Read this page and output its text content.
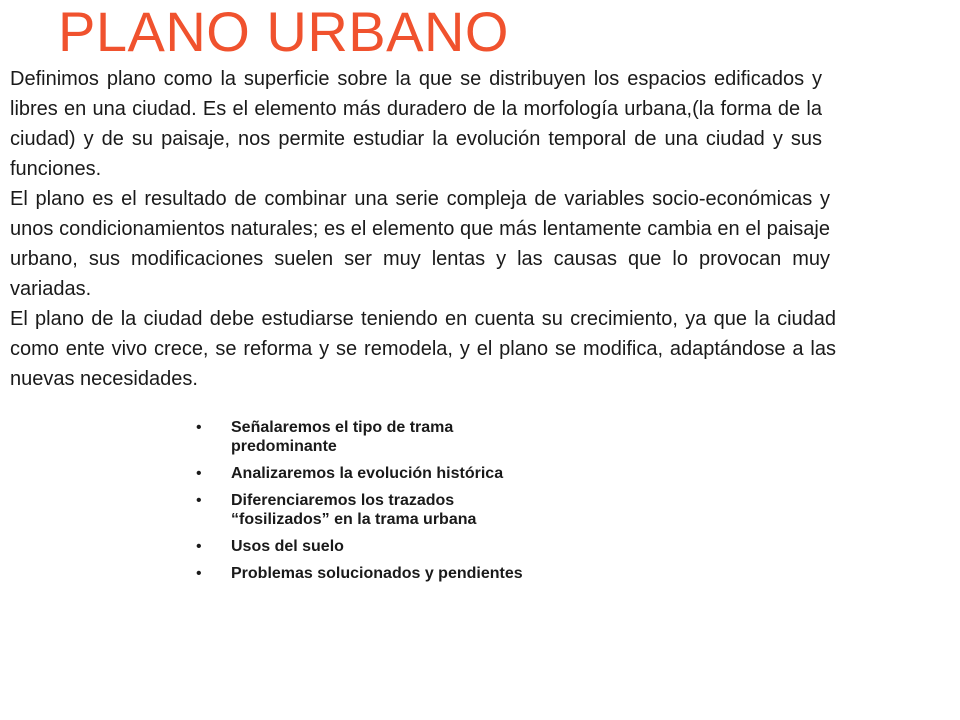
PLANO URBANO

Definimos plano como la superficie sobre la que se distribuyen los espacios edificados y libres en una ciudad. Es el elemento más duradero de la morfología urbana,(la forma de la ciudad) y de su paisaje, nos permite estudiar la evolución temporal de una ciudad y sus funciones.

El plano es el resultado de combinar una serie compleja de variables socio-económicas y unos condicionamientos naturales; es el elemento que más lentamente cambia en el paisaje urbano, sus modificaciones suelen ser muy lentas y las causas que lo provocan muy variadas.

El plano de la ciudad debe estudiarse teniendo en cuenta su crecimiento, ya que la ciudad como ente vivo crece, se reforma y se remodela, y el plano se modifica, adaptándose a las nuevas necesidades.

• Señalaremos el tipo de trama predominante
• Analizaremos la evolución histórica
• Diferenciaremos los trazados “fosilizados” en la trama urbana
• Usos del suelo
• Problemas solucionados y pendientes
